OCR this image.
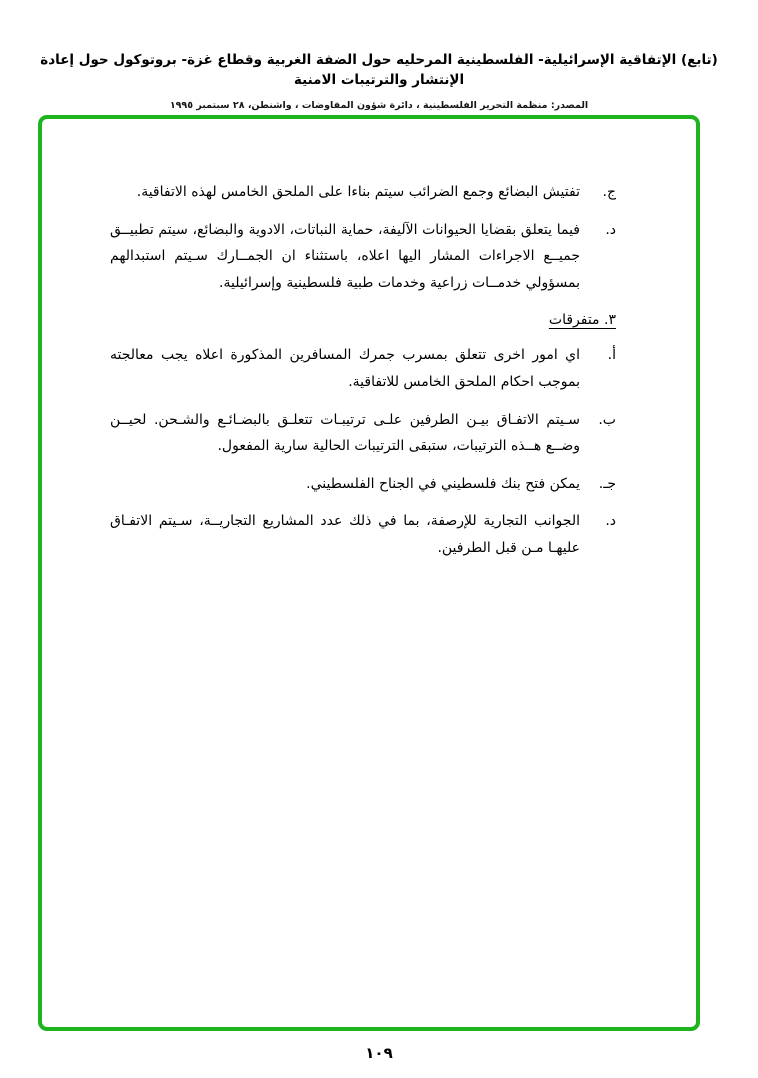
(تابع) الإتفاقية الإسرائيلية- الفلسطينية المرحليه حول الضفة الغربية وقطاع غزة- بروتوكول حول إعادة الإنتشار والترتيبات الامنية
المصدر: منظمة التحرير الفلسطينية ، دائرة شؤون المفاوضات ، واشنطن، ٢٨ سبتمبر ١٩٩٥
ج.
تفتيش البضائع وجمع الضرائب سيتم بناءا على الملحق الخامس لهذه الاتفاقية.
د.
فيما يتعلق بقضايا الحيوانات الآليفة، حماية النباتات، الادوية والبضائع، سيتم تطبيــق جميــع الاجراءات المشار اليها اعلاه، باستثناء ان الجمــارك سـيتم استبدالهم بمسؤولي خدمــات زراعية وخدمات طبية فلسطينية وإسرائيلية.
٣. متفرقات
أ.
اي امور اخرى تتعلق بمسرب جمرك المسافرين المذكورة اعلاه يجب معالجته بموجب احكام الملحق الخامس للاتفاقية.
ب.
سـيتم الاتفـاق بيـن الطرفين علـى ترتيبـات تتعلـق بالبضـائـع والشـحن. لحيــن وضــع هــذه الترتيبات، ستبقى الترتيبات الحالية سارية المفعول.
جـ.
يمكن فتح بنك فلسطيني في الجناح الفلسطيني.
د.
الجوانب التجارية للإرصفة، بما في ذلك عدد المشاريع التجاريــة، سـيتم الاتفـاق عليهـا مـن قبل الطرفين.
١٠٩
